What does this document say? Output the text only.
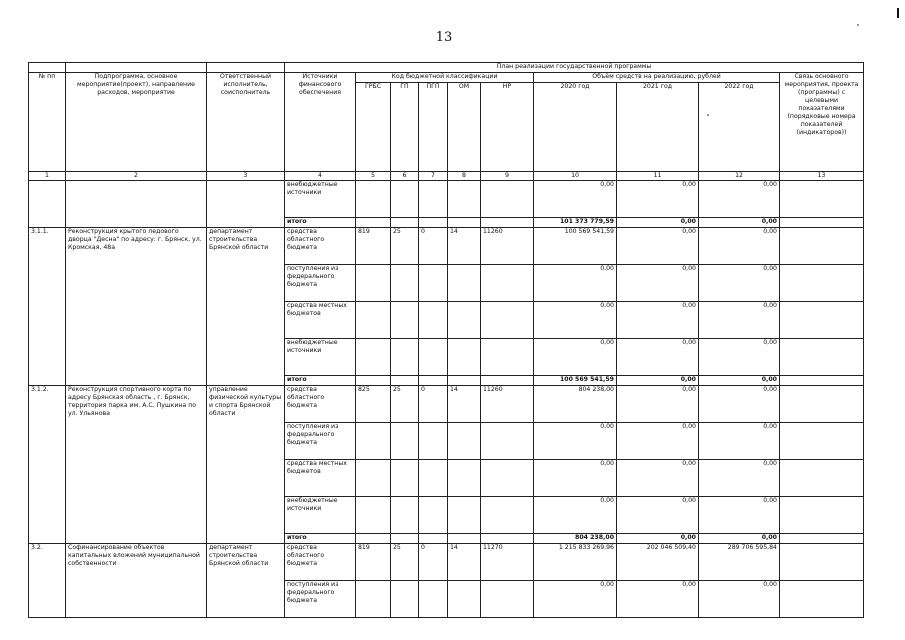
13
			План реализации государственной программы									
№ пп	Подпрограмма, основное мероприятие(проект), направление расходов, мероприятие	Ответственный исполнитель, соисполнитель	Источники финансового обеспечения	Код бюджетной классификации					Объём средств на реализацию, рублей			Связь основного мероприятия, проекта (программы) с целевыми показателями (порядковые номера показателей (индикаторов))
				ГРБС	ГП	ПГП	ОМ	НР	2020 год	2021 год	2022 год	
1	2	3	4	5	6	7	8	9	10	11	12	13
			внебюджетные источники						0,00	0,00	0,00	
			итого						101 373 779,59	0,00	0,00	
3.1.1.	Реконструкция крытого ледового дворца "Десна" по адресу: г. Брянск, ул. Кромская, 48а	департамент строительства Брянской области	средства областного бюджета	819	25	0	14	11260	100 569 541,59	0,00	0,00	
			поступления из федерального бюджета						0,00	0,00	0,00	
			средства местных бюджетов						0,00	0,00	0,00	
			внебюджетные источники						0,00	0,00	0,00	
			итого						100 569 541,59	0,00	0,00	
3.1.2.	Реконструкция спортивного корта по адресу Брянская область , г. Брянск, территория парка им. А.С. Пушкина по ул. Ульянова	управление физической культуры и спорта Брянской области	средства областного бюджета	825	25	0	14	11260	804 238,00	0,00	0,00	
			поступления из федерального бюджета						0,00	0,00	0,00	
			средства местных бюджетов						0,00	0,00	0,00	
			внебюджетные источники						0,00	0,00	0,00	
			итого						804 238,00	0,00	0,00	
3.2.	Софинансирование объектов капитальных вложений муниципальной собственности	департамент строительства Брянской области	средства областного бюджета	819	25	0	14	11270	1 215 833 269,96	202 046 509,40	289 706 595,84	
			поступления из федерального бюджета						0,00	0,00	0,00	
